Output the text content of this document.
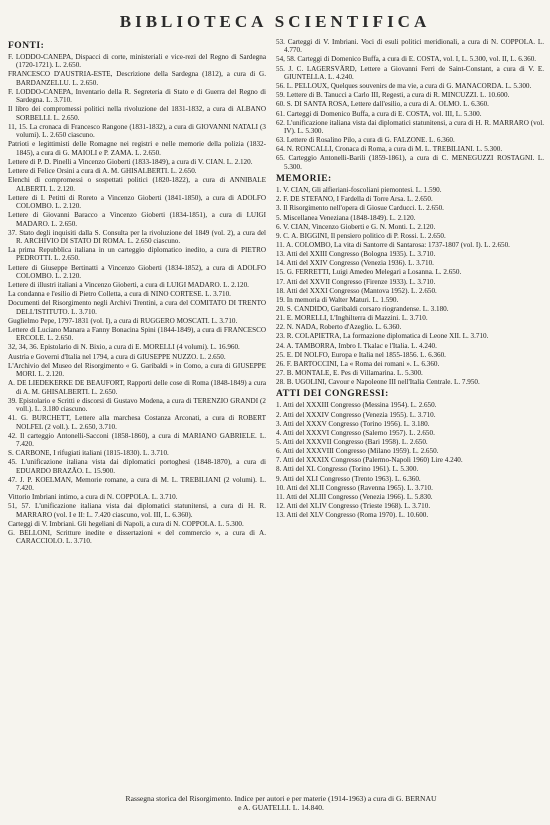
BIBLIOTECA SCIENTIFICA
FONTI:
F. LODDO-CANEPA, Dispacci di corte, ministeriali e vice-rezi del Regno di Sardegna (1720-1721). L. 2.650.
FRANCESCO D'AUSTRIA-ESTE, Descrizione della Sardegna (1812), a cura di G. BARDANZELLU. L. 2.650.
F. LODDO-CANEPA, Inventario della R. Segreteria di Stato e di Guerra del Regno di Sardegna. L. 3.710.
Il libro dei compromessi politici nella rivoluzione del 1831-1832, a cura di ALBANO SORBELLI. L. 2.650.
11, 15. La cronaca di Francesco Rangone (1831-1832), a cura di GIOVANNI NATALI (3 volumi). L. 2.650 ciascuno.
Patrioti e legittimisti delle Romagne nei registri e nelle memorie della polizia (1832-1845), a cura di G. MAIOLI e P. ZAMA. L. 2.650.
Lettere di P. D. Pinelli a Vincenzo Gioberti (1833-1849), a cura di V. CIAN. L. 2.120.
Lettere di Felice Orsini a cura di A. M. GHISALBERTI. L. 2.650.
Elenchi di compromessi o sospettati politici (1820-1822), a cura di ANNIBALE ALBERTI. L. 2.120.
Lettere di I. Petitti di Roreto a Vincenzo Gioberti (1841-1850), a cura di ADOLFO COLOMBO. L. 2.120.
Lettere di Giovanni Baracco a Vincenzo Gioberti (1834-1851), a cura di LUIGI MADARO. L. 2.650.
37. Stato degli inquisiti dalla S. Consulta per la rivoluzione del 1849 (vol. 2), a cura del R. ARCHIVIO DI STATO DI ROMA. L. 2.650 ciascuno.
La prima Repubblica italiana in un carteggio diplomatico inedito, a cura di PIETRO PEDROTTI. L. 2.650.
Lettere di Giuseppe Bertinatti a Vincenzo Gioberti (1834-1852), a cura di ADOLFO COLOMBO. L. 2.120.
Lettere di illustri italiani a Vincenzo Gioberti, a cura di LUIGI MADARO. L. 2.120.
La condanna e l'esilio di Pietro Colletta, a cura di NINO CORTESE. L. 3.710.
Documenti del Risorgimento negli Archivi Trentini, a cura del COMITATO DI TRENTO DELL'ISTITUTO. L. 3.710.
Guglielmo Pepe, 1797-1831 (vol. I), a cura di RUGGERO MOSCATI. L. 3.710.
Lettere di Luciano Manara a Fanny Bonacina Spini (1844-1849), a cura di FRANCESCO ERCOLE. L. 2.650.
32, 34, 36. Epistolario di N. Bixio, a cura di E. MORELLI (4 volumi). L. 16.960.
Austria e Governi d'Italia nel 1794, a cura di GIUSEPPE NUZZO. L. 2.650.
L'Archivio del Museo del Risorgimento « G. Garibaldi » in Como, a cura di GIUSEPPE MORI. L. 2.120.
A. DE LIEDEKERKE DE BEAUFORT, Rapporti delle cose di Roma (1848-1849) a cura di A. M. GHISALBERTI. L. 2.650.
39. Epistolario e Scritti e discorsi di Gustavo Modena, a cura di TERENZIO GRANDI (2 voll.). L. 3.180 ciascuno.
41. G. BURCHETT, Lettere alla marchesa Costanza Arconati, a cura di ROBERT NOLFEL (2 voll.). L. 2.650, 3.710.
42. Il carteggio Antonelli-Sacconi (1858-1860), a cura di MARIANO GABRIELE. L. 7.420.
S. CARBONE, I rifugiati italiani (1815-1830). L. 3.710.
45. L'unificazione italiana vista dai diplomatici portoghesi (1848-1870), a cura di EDUARDO BRAZÃO. L. 15.900.
47. J. P. KOELMAN, Memorie romane, a cura di M. L. TREBILIANI (2 volumi). L. 7.420.
Vittorio Imbriani intimo, a cura di N. COPPOLA. L. 3.710.
51, 57. L'unificazione italiana vista dai diplomatici statunitensi, a cura di H. R. MARRARO (vol. I e II: L. 7.420 ciascuno, vol. III, L. 6.360).
Carteggi di V. Imbriani. Gli hegeliani di Napoli, a cura di N. COPPOLA. L. 5.300.
G. BELLONI, Scritture inedite e dissertazioni « del commercio », a cura di A. CARACCIOLO. L. 3.710.
53. Carteggi di V. Imbriani. Voci di esuli politici meridionali, a cura di N. COPPOLA. L. 4.770.
54, 58. Carteggi di Domenico Buffa, a cura di E. COSTA, vol. I, L. 5.300, vol. II, L. 6.360.
55. J. C. LAGERSVÄRD, Lettere a Giovanni Ferri de Saint-Constant, a cura di V. E. GIUNTELLA. L. 4.240.
56. L. PELLOUX, Quelques souvenirs de ma vie, a cura di G. MANACORDA. L. 5.300.
59. Lettere di B. Tanucci a Carlo III, Regesti, a cura di R. MINCUZZI. L. 10.600.
60. S. DI SANTA ROSA, Lettere dall'esilio, a cura di A. OLMO. L. 6.360.
61. Carteggi di Domenico Buffa, a cura di E. COSTA, vol. III, L. 5.300.
62. L'unificazione italiana vista dai diplomatici statunitensi, a cura di H. R. MARRARO (vol. IV). L. 5.300.
63. Lettere di Rosalino Pilo, a cura di G. FALZONE. L. 6.360.
64. N. RONCALLI, Cronaca di Roma, a cura di M. L. TREBILIANI. L. 5.300.
65. Carteggio Antonelli-Barili (1859-1861), a cura di C. MENEGUZZI ROSTAGNI. L. 5.300.
MEMORIE:
1. V. CIAN, Gli alfieriani-foscoliani piemontesi. L. 1.590.
2. F. DE STEFANO, I Fardella di Torre Arsa. L. 2.650.
3. Il Risorgimento nell'opera di Giosue Carducci. L. 2.650.
5. Miscellanea Veneziana (1848-1849). L. 2.120.
6. V. CIAN, Vincenzo Gioberti e G. N. Monti. L. 2.120.
9. C. A. BIGGINI, Il pensiero politico di P. Rossi. L. 2.650.
11. A. COLOMBO, La vita di Santorre di Santarosa: 1737-1807 (vol. I). L. 2.650.
13. Atti del XXIII Congresso (Bologna 1935). L. 3.710.
14. Atti del XXIV Congresso (Venezia 1936). L. 3.710.
15. G. FERRETTI, Luigi Amedeo Melegari a Losanna. L. 2.650.
17. Atti del XXVII Congresso (Firenze 1933). L. 3.710.
18. Atti del XXXI Congresso (Mantova 1952). L. 2.650.
19. In memoria di Walter Maturi. L. 1.590.
20. S. CANDIDO, Garibaldi corsaro riograndense. L. 3.180.
21. E. MORELLI, L'Inghilterra di Mazzini. L. 3.710.
22. N. NADA, Roberto d'Azeglio. L. 6.360.
23. R. COLAPIETRA, La formazione diplomatica di Leone XII. L. 3.710.
24. A. TAMBORRA, Imbro I. Tkalac e l'Italia. L. 4.240.
25. E. DI NOLFO, Europa e Italia nel 1855-1856. L. 6.360.
26. F. BARTOCCINI, La « Roma dei romani ». L. 6.360.
27. B. MONTALE, E. Pes di Villamarina. L. 5.300.
28. B. UGOLINI, Cavour e Napoleone III nell'Italia Centrale. L. 7.950.
ATTI DEI CONGRESSI:
1. Atti del XXXIII Congresso (Messina 1954). L. 2.650.
2. Atti del XXXIV Congresso (Venezia 1955). L. 3.710.
3. Atti del XXXV Congresso (Torino 1956). L. 3.180.
4. Atti del XXXVI Congresso (Salerno 1957). L. 2.650.
5. Atti del XXXVII Congresso (Bari 1958). L. 2.650.
6. Atti del XXXVIII Congresso (Milano 1959). L. 2.650.
7. Atti del XXXIX Congresso (Palermo-Napoli 1960) Lire 4.240.
8. Atti del XL Congresso (Torino 1961). L. 5.300.
9. Atti del XLI Congresso (Trento 1963). L. 6.360.
10. Atti del XLII Congresso (Ravenna 1965). L. 3.710.
11. Atti del XLIII Congresso (Venezia 1966). L. 5.830.
12. Atti del XLIV Congresso (Trieste 1968). L. 3.710.
13. Atti del XLV Congresso (Roma 1970). L. 10.600.
Rassegna storica del Risorgimento. Indice per autori e per materie (1914-1963) a cura di G. BERNAU
e A. GUATELLI. L. 14.840.
